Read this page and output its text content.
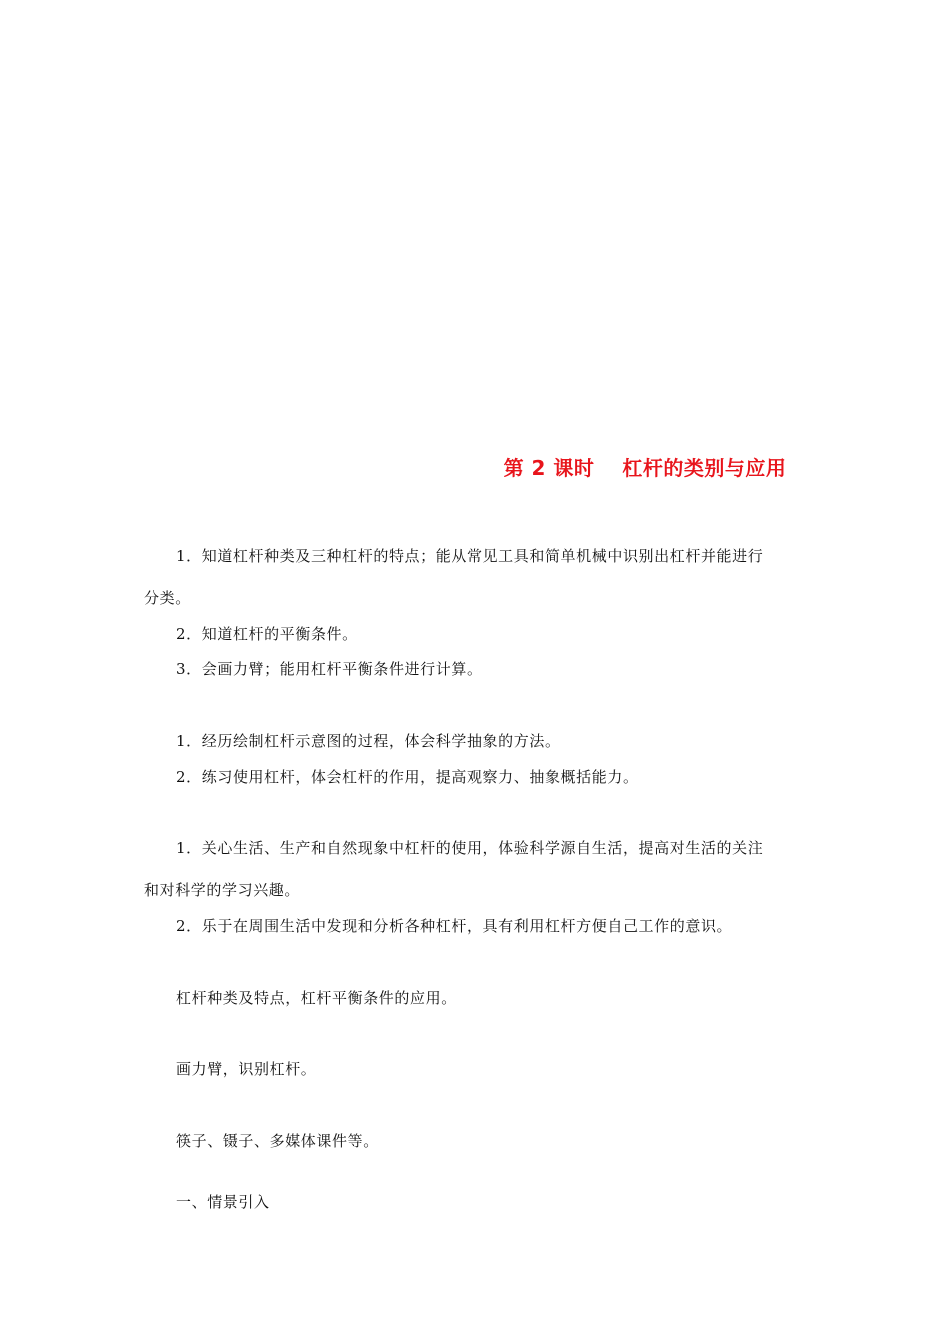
第 2 课时　 杠杆的类别与应用
1．知道杠杆种类及三种杠杆的特点；能从常见工具和简单机械中识别出杠杆并能进行
分类。
2．知道杠杆的平衡条件。
3．会画力臂；能用杠杆平衡条件进行计算。
1．经历绘制杠杆示意图的过程，体会科学抽象的方法。
2．练习使用杠杆，体会杠杆的作用，提高观察力、抽象概括能力。
1．关心生活、生产和自然现象中杠杆的使用，体验科学源自生活，提高对生活的关注
和对科学的学习兴趣。
2．乐于在周围生活中发现和分析各种杠杆，具有利用杠杆方便自己工作的意识。
杠杆种类及特点，杠杆平衡条件的应用。
画力臂，识别杠杆。
筷子、镊子、多媒体课件等。
一、情景引入
